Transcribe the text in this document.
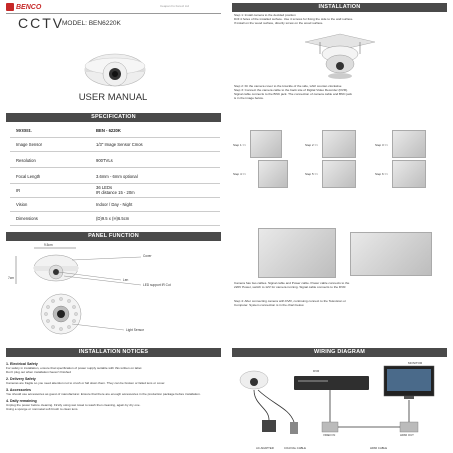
BENCO	Ceapan Fu Ferecl Ltd
CCTV
MODEL: BEN6220K
USER MANUAL
SPECIFICATION
MODEL	BEN - 6220K
Image Sensor	1/3" Image Sensor Cmos
Resolution	900TVLs
Focal Length	3.6mm - 6mm optional
IR	36 LEDs
IR distance 15 - 20m
Vision	Indoor / Day - Night
Dimensions	(D)9.5 x (H)6.5cm
PANEL FUNCTION
9.5cm
7cm
Cover
Len
LED support IR Cut
Light Sensor
INSTALLATION
Step 1: Install camera to the decided position
Drill 4 holes of the installed surface. Use 4 screws for fixing the side to the wall surface.
If install on the wood surface, directly screw on the wood surface.
Step 2: Fit the camera cover to the knuckle of the side, whirl counter-clockwise
Step 3: Connect the camera cable to the back site of Digital Video Recorder (DVR).
Signal cable connects to the BNC jack. The connection of camera cable and BNC jack
is in the image below.
Step 1 >>	Step 2 >>	Step 3 >>
Step 4 >>	Step 5 >>	Step 6 >>
Camera has two cables. Signal cable and Power cable. Power cable connects to the
220V Power, switch to 12V for camera running. Signal cable connects to the DVR.
Step 4: After connecting camera with DVR, continuing connect to the Television or
Computer. System connection is in the chart below.
INSTALLATION NOTICES
1. Electrical Safety
For safety in installation, ensure that specification of power supply suitable with this written on label.
Don't plug out when installation haven't finished
2. Delivery Safety
Cameras are fragile so you need attention not to crush or fall down them. They can be broken or failed lens or cover.
3. Accessories
You should use accessories as guest of manufacturer. Ensure that there are enough accessories in the production package before installation.
4. Daily remaining
Unplug the power before cleaning. Firstly using wet towel to wash then cleaning, again by dry one.
Using a sponge or nonmetal soft brush to clean lens.
WIRING DIAGRAM
DVR
MONITOR
VIDEO IN	HDMI OUT
AC ADAPTER	COAXIAL CABLE	HDMI CABLE
